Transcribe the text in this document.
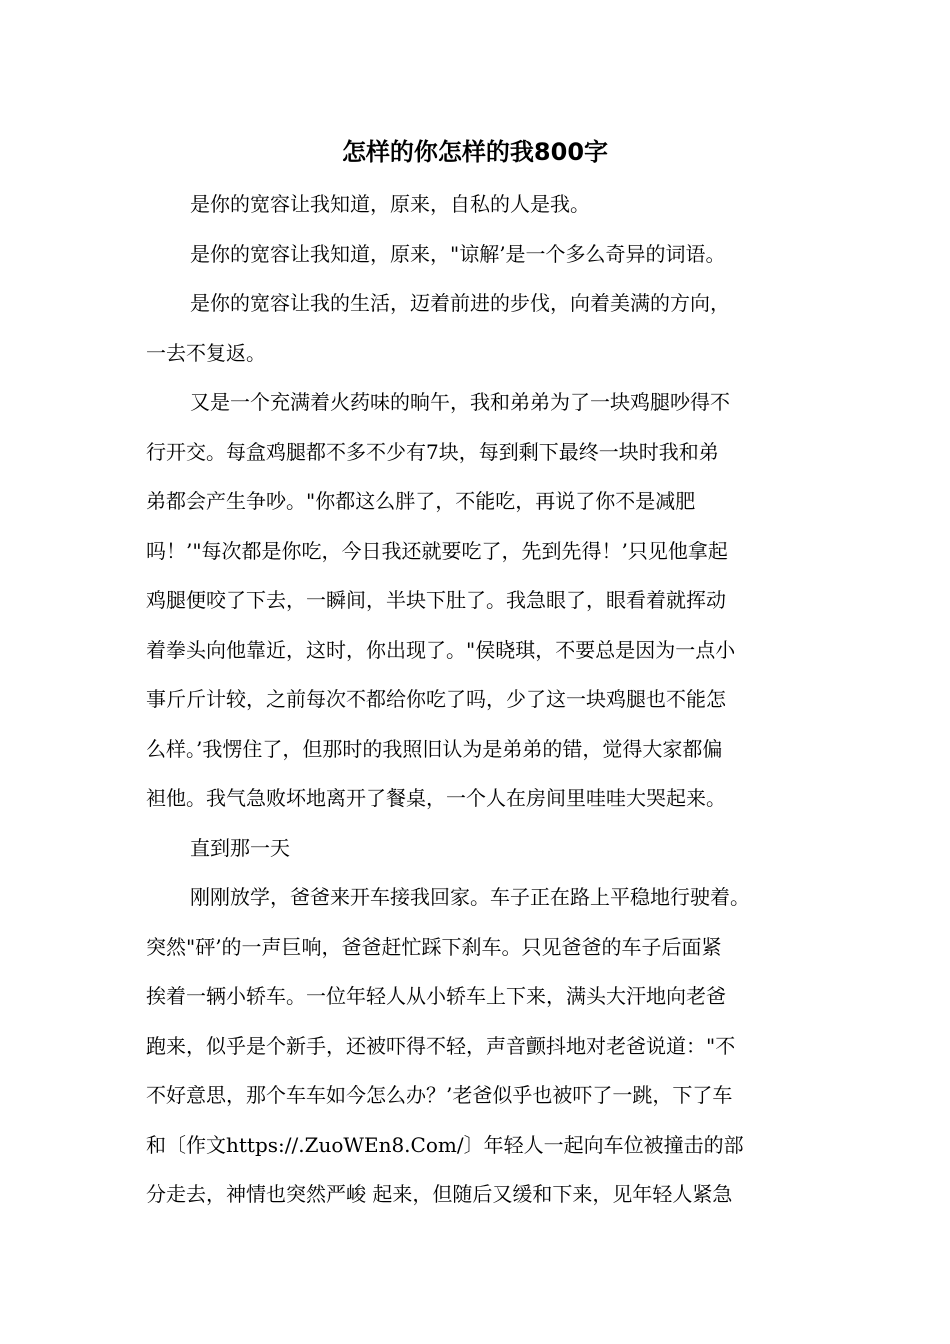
怎样的你怎样的我800字
是你的宽容让我知道，原来，自私的人是我。
是你的宽容让我知道，原来，"谅解’是一个多么奇异的词语。
是你的宽容让我的生活，迈着前进的步伐，向着美满的方向，
一去不复返。
又是一个充满着火药味的晌午，我和弟弟为了一块鸡腿吵得不
行开交。每盒鸡腿都不多不少有7块，每到剩下最终一块时我和弟
弟都会产生争吵。"你都这么胖了，不能吃，再说了你不是减肥
吗！’"每次都是你吃，今日我还就要吃了，先到先得！’只见他拿起
鸡腿便咬了下去，一瞬间，半块下肚了。我急眼了，眼看着就挥动
着拳头向他靠近，这时，你出现了。"侯晓琪，不要总是因为一点小
事斤斤计较，之前每次不都给你吃了吗，少了这一块鸡腿也不能怎
么样。’我愣住了，但那时的我照旧认为是弟弟的错，觉得大家都偏
袒他。我气急败坏地离开了餐桌，一个人在房间里哇哇大哭起来。
直到那一天
刚刚放学，爸爸来开车接我回家。车子正在路上平稳地行驶着。
突然"砰’的一声巨响，爸爸赶忙踩下刹车。只见爸爸的车子后面紧
挨着一辆小轿车。一位年轻人从小轿车上下来，满头大汗地向老爸
跑来，似乎是个新手，还被吓得不轻，声音颤抖地对老爸说道："不
不好意思，那个车车如今怎么办？’老爸似乎也被吓了一跳，下了车
和〔作文https://.ZuoWEn8.Com/〕年轻人一起向车位被撞击的部
分走去，神情也突然严峻 起来，但随后又缓和下来，见年轻人紧急
